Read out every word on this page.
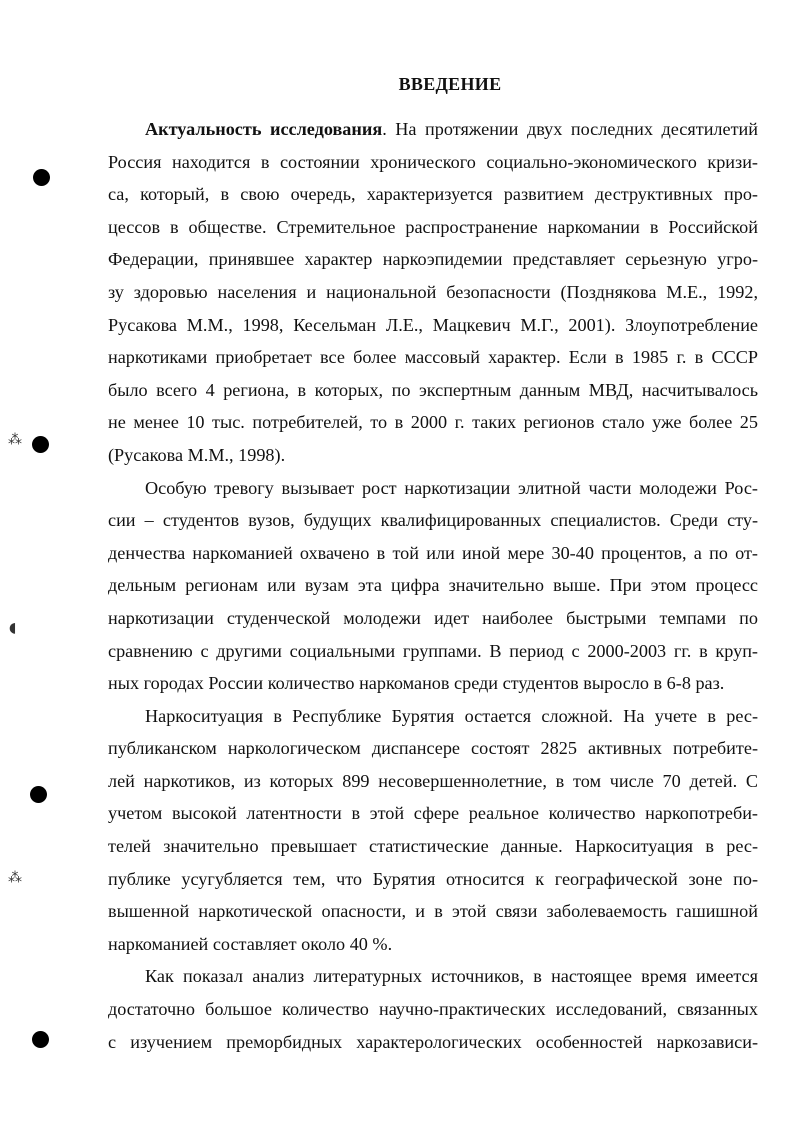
⁂
◖
⁂
ВВЕДЕНИЕ
Актуальность исследования. На протяжении двух последних десятилетий
Россия находится в состоянии хронического социально-экономического кризи-
са, который, в свою очередь, характеризуется развитием деструктивных про-
цессов в обществе. Стремительное распространение наркомании в Российской
Федерации, принявшее характер наркоэпидемии представляет серьезную угро-
зу здоровью населения и национальной безопасности (Позднякова М.Е., 1992,
Русакова М.М., 1998, Кесельман Л.Е., Мацкевич М.Г., 2001). Злоупотребление
наркотиками приобретает все более массовый характер. Если в 1985 г. в СССР
было всего 4 региона, в которых, по экспертным данным МВД, насчитывалось
не менее 10 тыс. потребителей, то в 2000 г. таких регионов стало уже более 25
(Русакова М.М., 1998).
Особую тревогу вызывает рост наркотизации элитной части молодежи Рос-
сии – студентов вузов, будущих квалифицированных специалистов. Среди сту-
денчества наркоманией охвачено в той или иной мере 30-40 процентов, а по от-
дельным регионам или вузам эта цифра значительно выше. При этом процесс
наркотизации студенческой молодежи идет наиболее быстрыми темпами по
сравнению с другими социальными группами. В период с 2000-2003 гг. в круп-
ных городах России количество наркоманов среди студентов выросло в 6-8 раз.
Наркоситуация в Республике Бурятия остается сложной. На учете в рес-
публиканском наркологическом диспансере состоят 2825 активных потребите-
лей наркотиков, из которых 899 несовершеннолетние, в том числе 70 детей. С
учетом высокой латентности в этой сфере реальное количество наркопотреби-
телей значительно превышает статистические данные. Наркоситуация в рес-
публике усугубляется тем, что Бурятия относится к географической зоне по-
вышенной наркотической опасности, и в этой связи заболеваемость гашишной
наркоманией составляет около 40 %.
Как показал анализ литературных источников, в настоящее время имеется
достаточно большое количество научно-практических исследований, связанных
с изучением преморбидных характерологических особенностей наркозависи-
